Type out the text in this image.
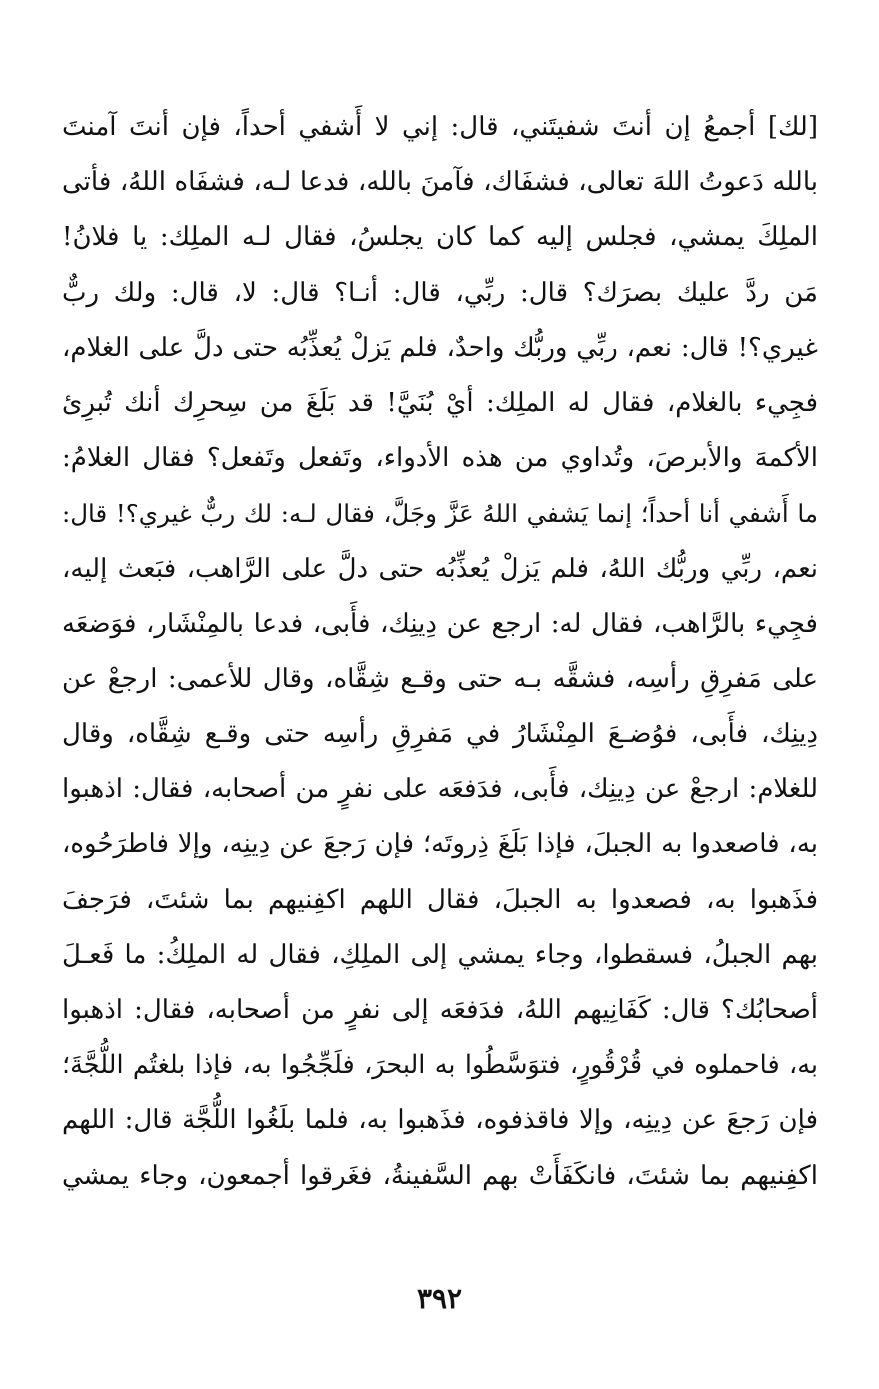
[لك] أجمعُ إن أنتَ شفيتَني، قال: إني لا أَشفي أحداً، فإن أنتَ آمنتَ
بالله دَعوتُ اللهَ تعالى، فشفَاك، فآمنَ بالله، فدعا لـه، فشفَاه اللهُ، فأتى
الملِكَ يمشي، فجلس إليه كما كان يجلسُ، فقال لـه الملِك: يا فلانُ!
مَن ردَّ عليك بصرَك؟ قال: ربِّي، قال: أنـا؟ قال: لا، قال: ولك ربٌّ
غيري؟! قال: نعم، ربِّي وربُّك واحدٌ، فلم يَزلْ يُعذِّبُه حتى دلَّ على الغلام،
فجِيء بالغلام، فقال له الملِك: أيْ بُنَيَّ! قد بَلَغَ من سِحرِك أنك تُبرِئ
الأكمهَ والأبرصَ، وتُداوي من هذه الأدواء، وتَفعل وتَفعل؟ فقال الغلامُ:
ما أَشفي أنا أحداً؛ إنما يَشفي اللهُ عَزَّ وجَلَّ، فقال لـه: لك ربٌّ غيري؟! قال:
نعم، ربِّي وربُّك اللهُ، فلم يَزلْ يُعذِّبُه حتى دلَّ على الرَّاهب، فبَعث إليه،
فجِيء بالرَّاهب، فقال له: ارجع عن دِينِك، فأَبى، فدعا بالمِنْشَار، فوَضعَه
على مَفرِقِ رأسِه، فشقَّه بـه حتى وقـع شِقَّاه، وقال للأعمى: ارجعْ عن
دِينِك، فأَبى، فوُضـعَ المِنْشَارُ في مَفرِقِ رأسِه حتى وقـع شِقَّاه، وقال
للغلام: ارجعْ عن دِينِك، فأَبى، فدَفعَه على نفرٍ من أصحابه، فقال: اذهبوا
به، فاصعدوا به الجبلَ، فإذا بَلَغَ ذِروتَه؛ فإن رَجعَ عن دِينِه، وإلا فاطرَحُوه،
فذَهبوا به، فصعدوا به الجبلَ، فقال اللهم اكفِنيهم بما شئتَ، فرَجفَ
بهم الجبلُ، فسقطوا، وجاء يمشي إلى الملِكِ، فقال له الملِكُ: ما فَعـلَ
أصحابُك؟ قال: كَفَانِيهم اللهُ، فدَفعَه إلى نفرٍ من أصحابه، فقال: اذهبوا
به، فاحملوه في قُرْقُورٍ، فتوَسَّطُوا به البحرَ، فلَجِّجُوا به، فإذا بلغتُم اللُّجَّةَ؛
فإن رَجعَ عن دِينِه، وإلا فاقذفوه، فذَهبوا به، فلما بلَغُوا اللُّجَّة قال: اللهم
اكفِنيهم بما شئتَ، فانكَفَأَتْ بهم السَّفينةُ، فغَرقوا أجمعون، وجاء يمشي
٣٩٢
